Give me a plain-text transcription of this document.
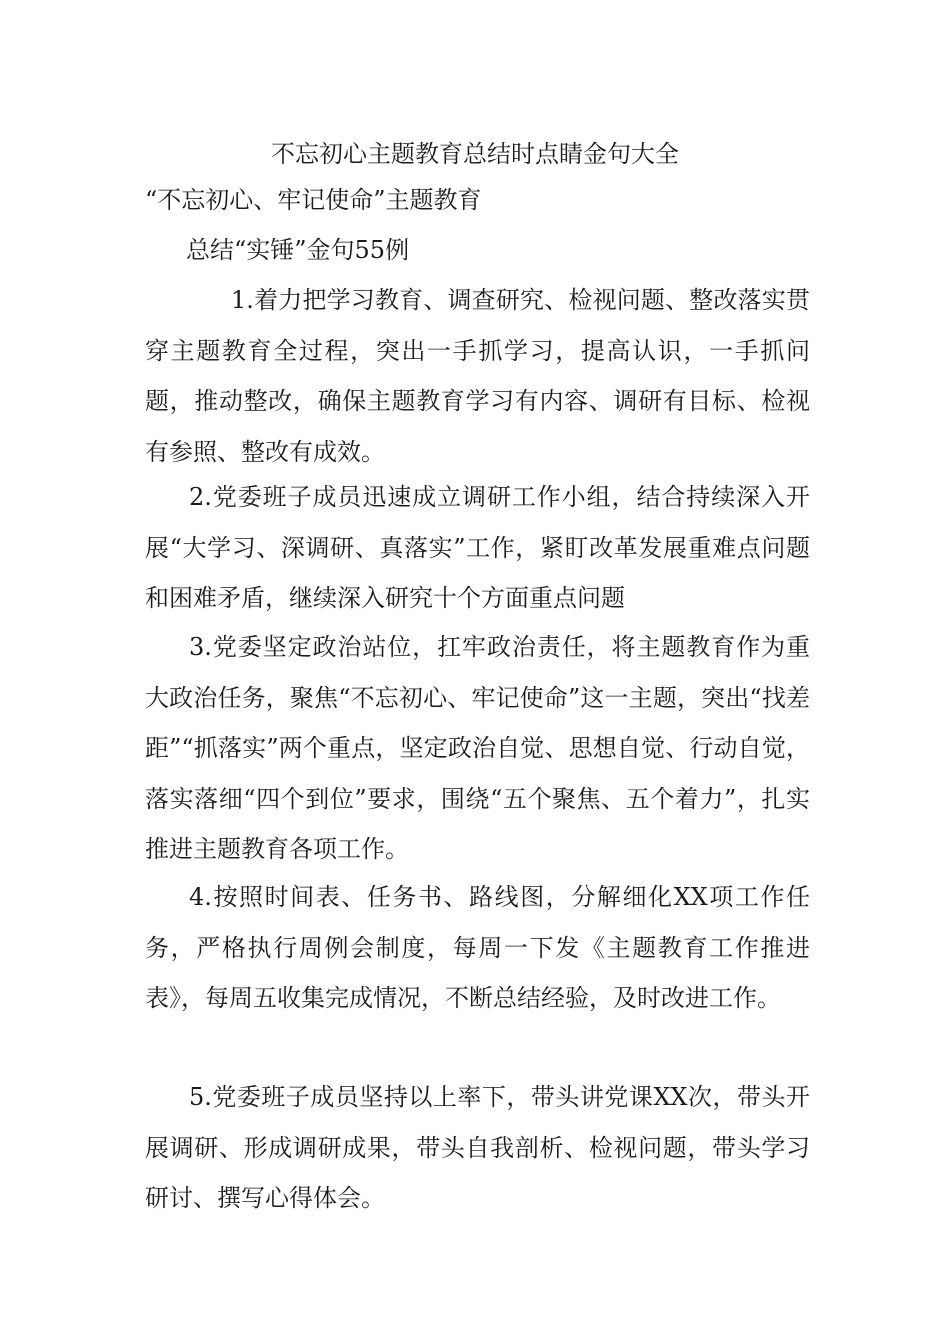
不忘初心主题教育总结时点睛金句大全
“不忘初心、牢记使命”主题教育
总结“实锤”金句55例

1.着力把学习教育、调查研究、检视问题、整改落实贯穿主题教育全过程，突出一手抓学习，提高认识，一手抓问题，推动整改，确保主题教育学习有内容、调研有目标、检视有参照、整改有成效。

2.党委班子成员迅速成立调研工作小组，结合持续深入开展“大学习、深调研、真落实”工作，紧盯改革发展重难点问题和困难矛盾，继续深入研究十个方面重点问题

3.党委坚定政治站位，扛牢政治责任，将主题教育作为重大政治任务，聚焦“不忘初心、牢记使命”这一主题，突出“找差距”“抓落实”两个重点，坚定政治自觉、思想自觉、行动自觉，落实落细“四个到位”要求，围绕“五个聚焦、五个着力”，扎实推进主题教育各项工作。

4.按照时间表、任务书、路线图，分解细化XX项工作任务，严格执行周例会制度，每周一下发《主题教育工作推进表》，每周五收集完成情况，不断总结经验，及时改进工作。

5.党委班子成员坚持以上率下，带头讲党课XX次，带头开展调研、形成调研成果，带头自我剖析、检视问题，带头学习研讨、撰写心得体会。
